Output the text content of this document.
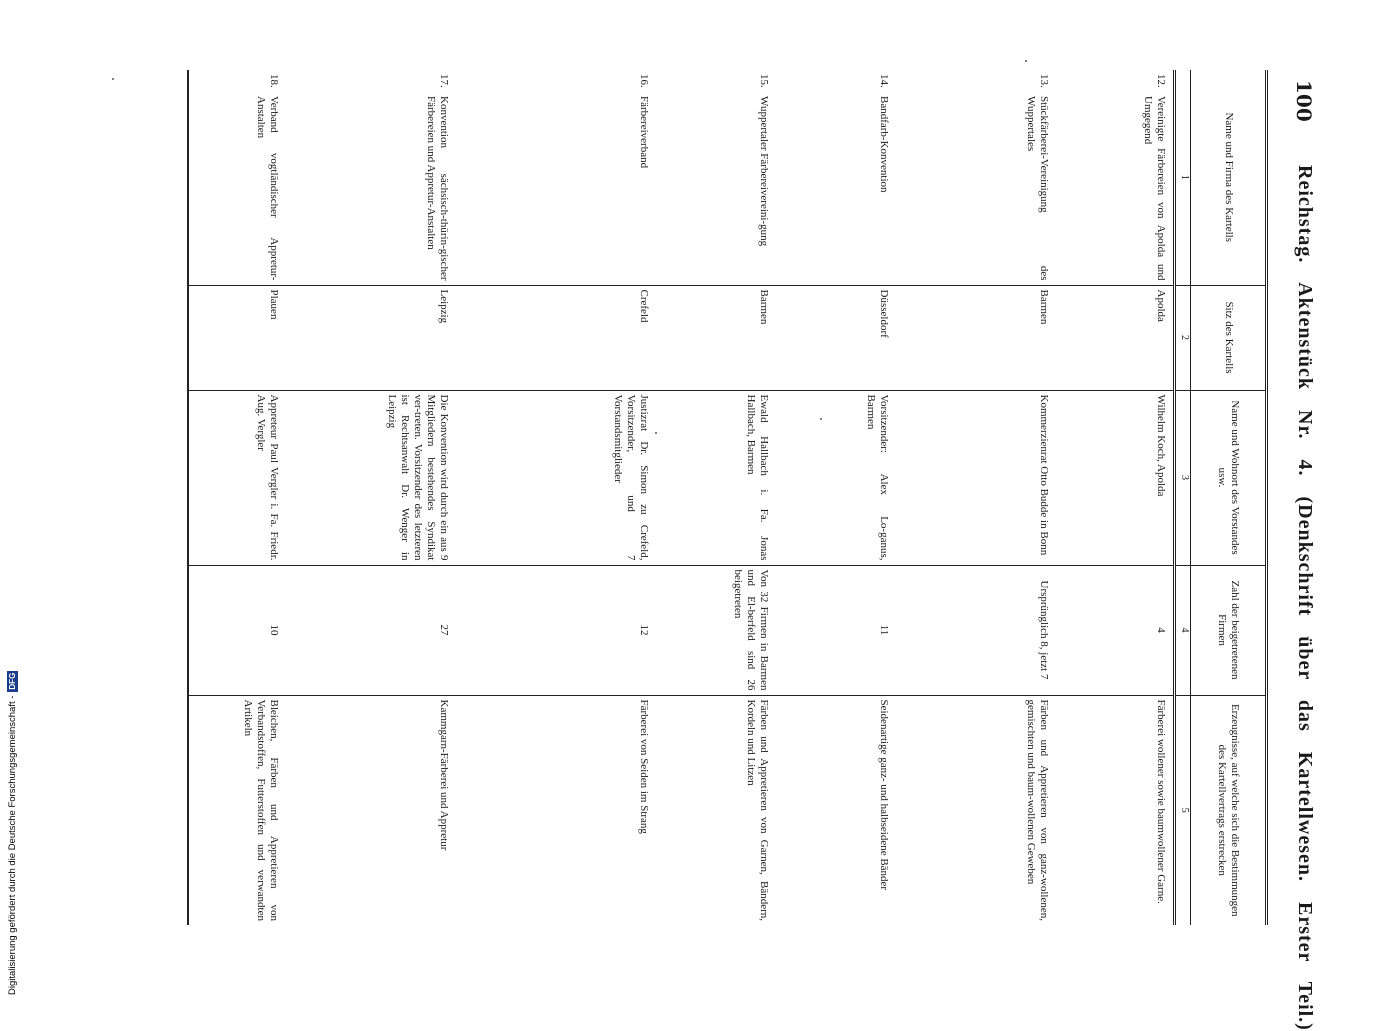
100
Reichstag. Aktenstück Nr. 4. (Denkschrift über das Kartellwesen. Erster Teil.)
Name und Firma des Kartells	Sitz des Kartells	Name und Wohnort des Vorstandes usw.	Zahl der beigetretenen Firmen	Erzeugnisse, auf welche sich die Bestimmungen des Kartellvertrags erstrecken
1	2	3	4	5

12.
Vereinigte Färbereien von Apolda und Umgegend	Apolda	Wilhelm Koch, Apolda	4	Färberei wollener sowie baumwollener Garne.

13.
Stückfärberei-Vereinigung des Wuppertales	Barmen	Kommerzienrat Otto Budde in Bonn	Ursprünglich 8, jetzt 7	Färben und Appretieren von ganz-wollenen, gemischten und baum-wollenen Geweben

14.
Bandfarb-Konvention	Düsseldorf	Vorsitzender: Alex Lo-ganus, Barmen	11	Seidenartige ganz- und halbseidene Bänder

15.
Wuppertaler Färbereivereini-gung	Barmen	Ewald Hallbach i. Fa. Jonas Hallbach, Barmen	Von 32 Firmen in Barmen und El-berfeld sind 26 beigetreten	Färben und Appretieren von Garnen, Bändern, Kordeln und Litzen

16.
Färbereiverband	Crefeld	Justizrat Dr. Simon zu Crefeld, Vorsitzender, und 7 Vorstandsmitglieder	12	Färberei von Seiden im Strang

17.
Konvention sächsisch-thürin-gischer Färbereien und Appretur-Anstalten	Leipzig	Die Konvention wird durch ein aus 9 Mitgliedern bestehendes Syndikat ver-treten. Vorsitzender des letzteren ist Rechtsanwalt Dr. Wenger in Leipzig	27	Kammgarn-Färberei und Appretur

18.
Verband vogtländischer Appretur-Anstalten	Plauen	Appreteur Paul Vergler i. Fa. Friedr. Aug. Vergler	10	Bleichen, Färben und Appretieren von Verbandstoffen, Futterstoffen und verwandten Artikeln
Digitalisierung gefördert durch die Deutsche Forschungsgemeinschaft -
DFG
